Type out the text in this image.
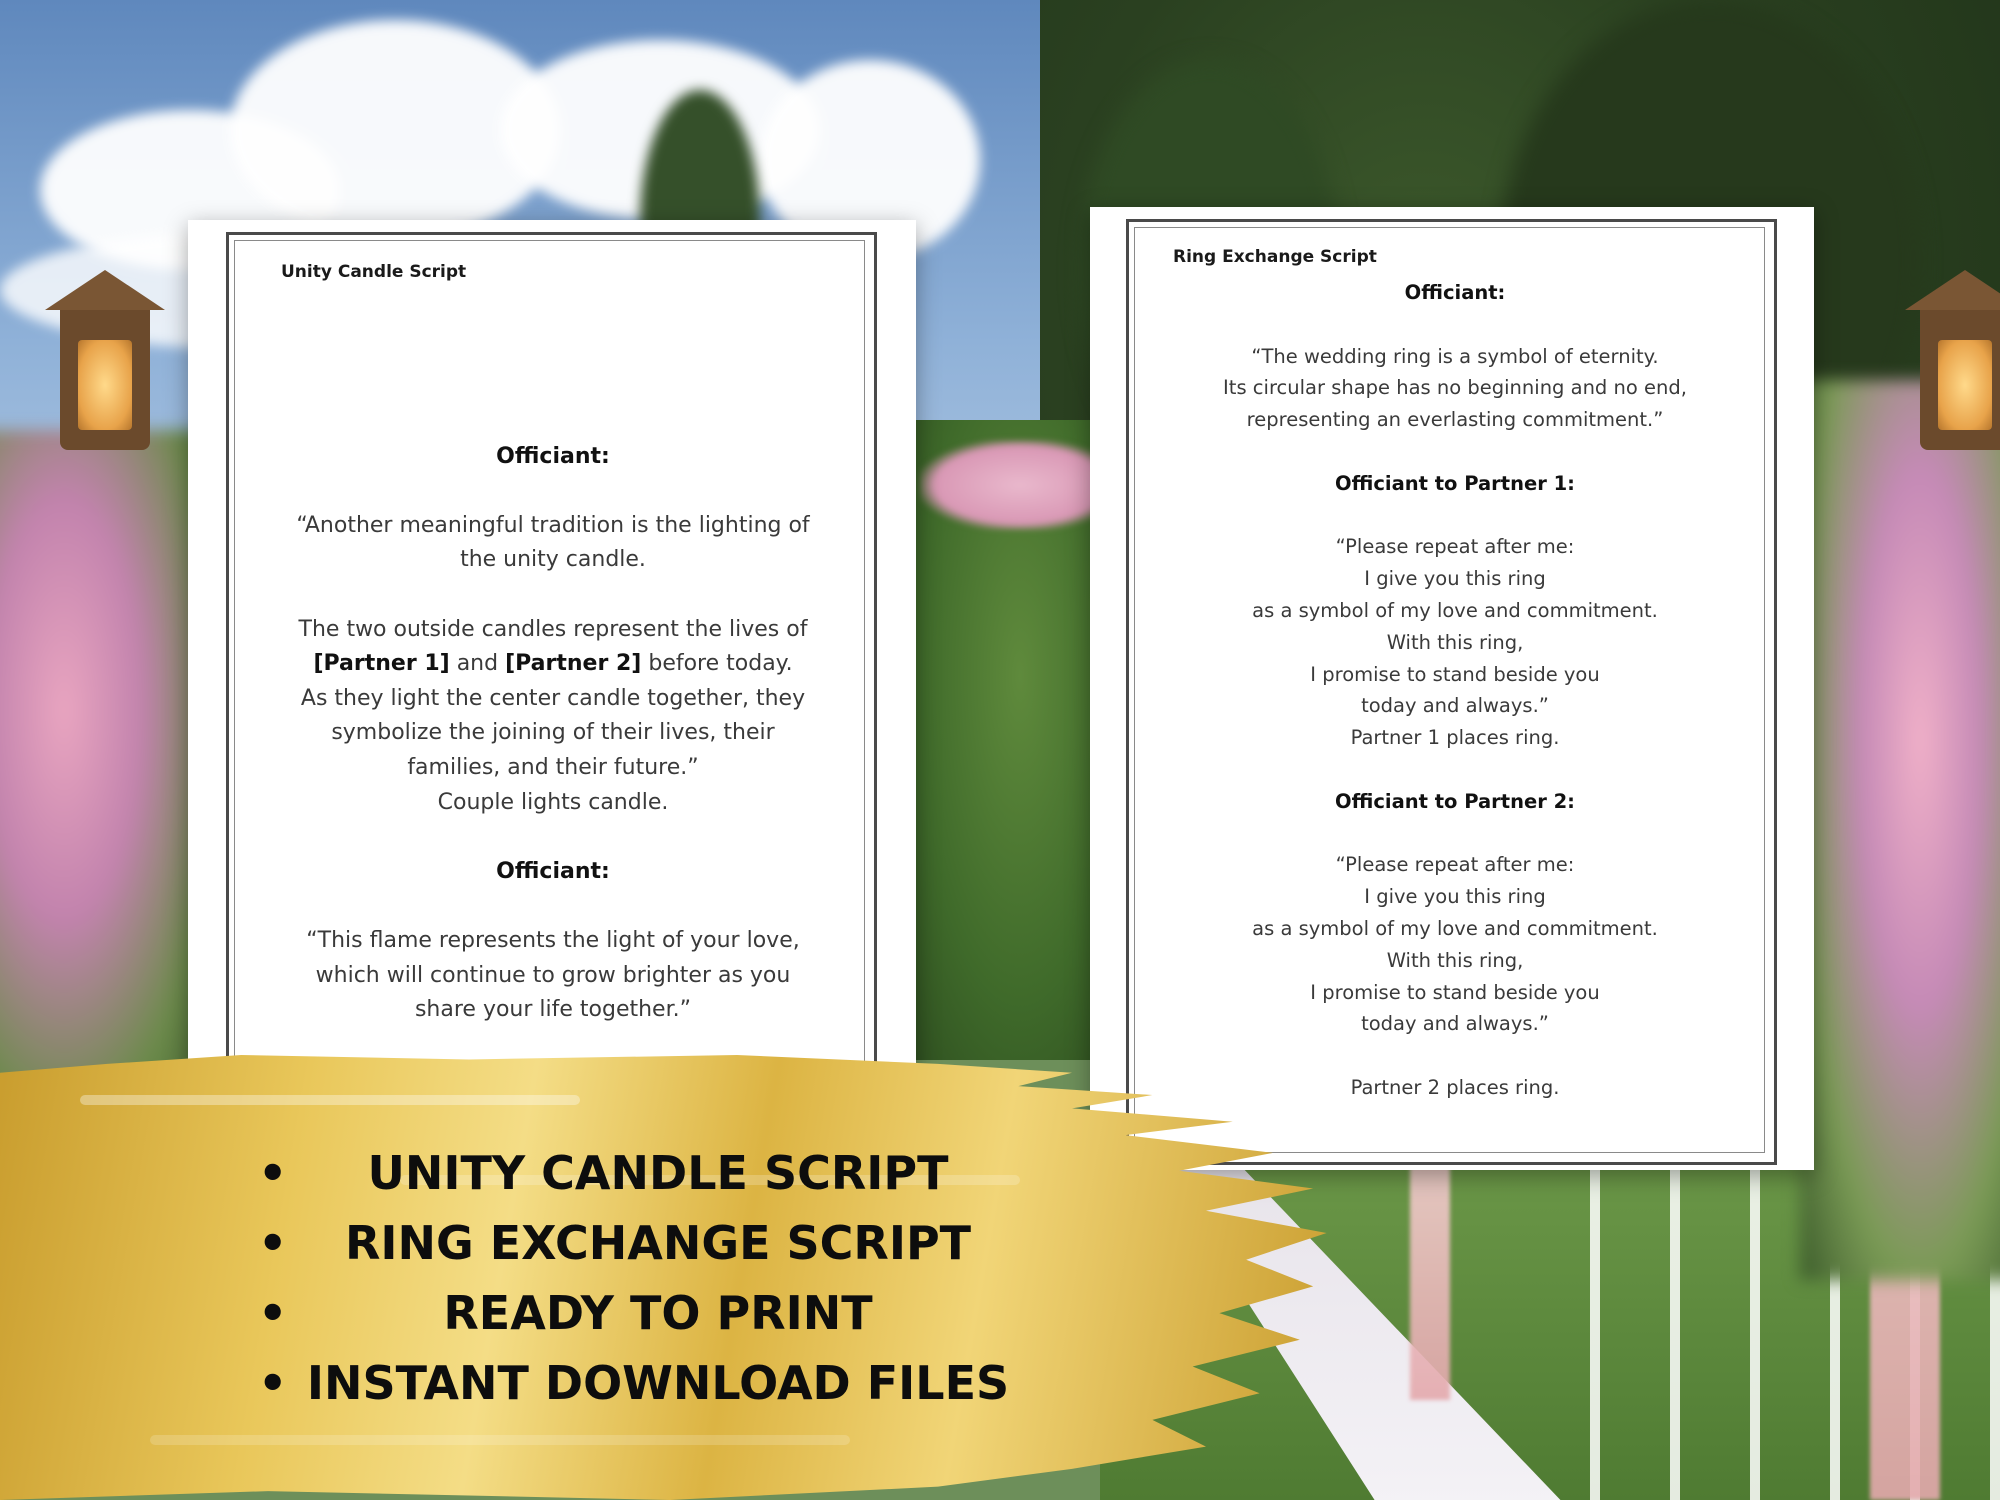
Unity Candle Script

Officiant:

“Another meaningful tradition is the lighting of

the unity candle.

The two outside candles represent the lives of

[Partner 1] and [Partner 2] before today.

As they light the center candle together, they

symbolize the joining of their lives, their

families, and their future.”

Couple lights candle.

Officiant:

“This flame represents the light of your love,

which will continue to grow brighter as you

share your life together.”

Ring Exchange Script

Officiant:

“The wedding ring is a symbol of eternity.

Its circular shape has no beginning and no end,

representing an everlasting commitment.”

Officiant to Partner 1:

“Please repeat after me:

I give you this ring

as a symbol of my love and commitment.

With this ring,

I promise to stand beside you

today and always.”

Partner 1 places ring.

Officiant to Partner 2:

“Please repeat after me:

I give you this ring

as a symbol of my love and commitment.

With this ring,

I promise to stand beside you

today and always.”

Partner 2 places ring.

•	UNITY CANDLE SCRIPT
•	RING EXCHANGE SCRIPT
•	READY TO PRINT
• INSTANT DOWNLOAD FILES
